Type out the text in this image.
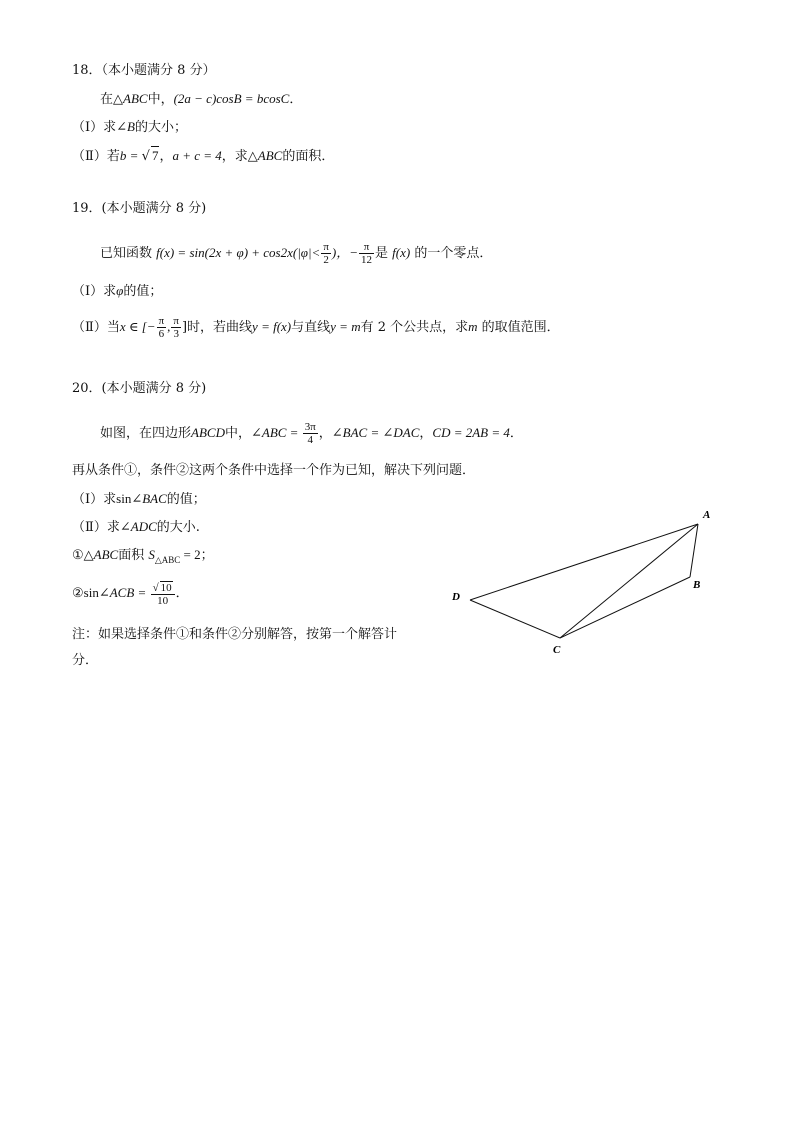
18．（本小题满分 8 分）
在△ABC中，(2a − c)cosB = bcosC．
（Ⅰ）求∠B的大小；
（Ⅱ）若b = √ 7，a + c = 4，求△ABC的面积．
19．(本小题满分 8 分)
已知函数 $f(x) = \sin(2x + \varphi) + \cos 2x(|\varphi|< \frac{\pi}{2}$ )，− $\frac{\pi}{12}$ 是 f(x) 的一个零点．
（Ⅰ）求φ的值；
（Ⅱ）当x ∈ [− $\frac{\pi}{6}$ , $\frac{\pi}{3}$ ]时，若曲线y = f(x)与直线y = m有 2 个公共点，求m 的取值范围．
20．(本小题满分 8 分)
如图，在四边形ABCD中，∠ABC = $\frac{3\pi}{4}$ ，∠BAC = ∠DAC，CD = 2AB = 4．
再从条件①，条件②这两个条件中选择一个作为已知，解决下列问题．
（Ⅰ）求sin∠BAC的值；
（Ⅱ）求∠ADC的大小.
①△ABC面积 $S_{\triangle ABC} = 2$；
②sin∠ACB = $\frac{√ 10}{10}$ ．
注：如果选择条件①和条件②分别解答，按第一个解答计
分．
A
B
C
D
